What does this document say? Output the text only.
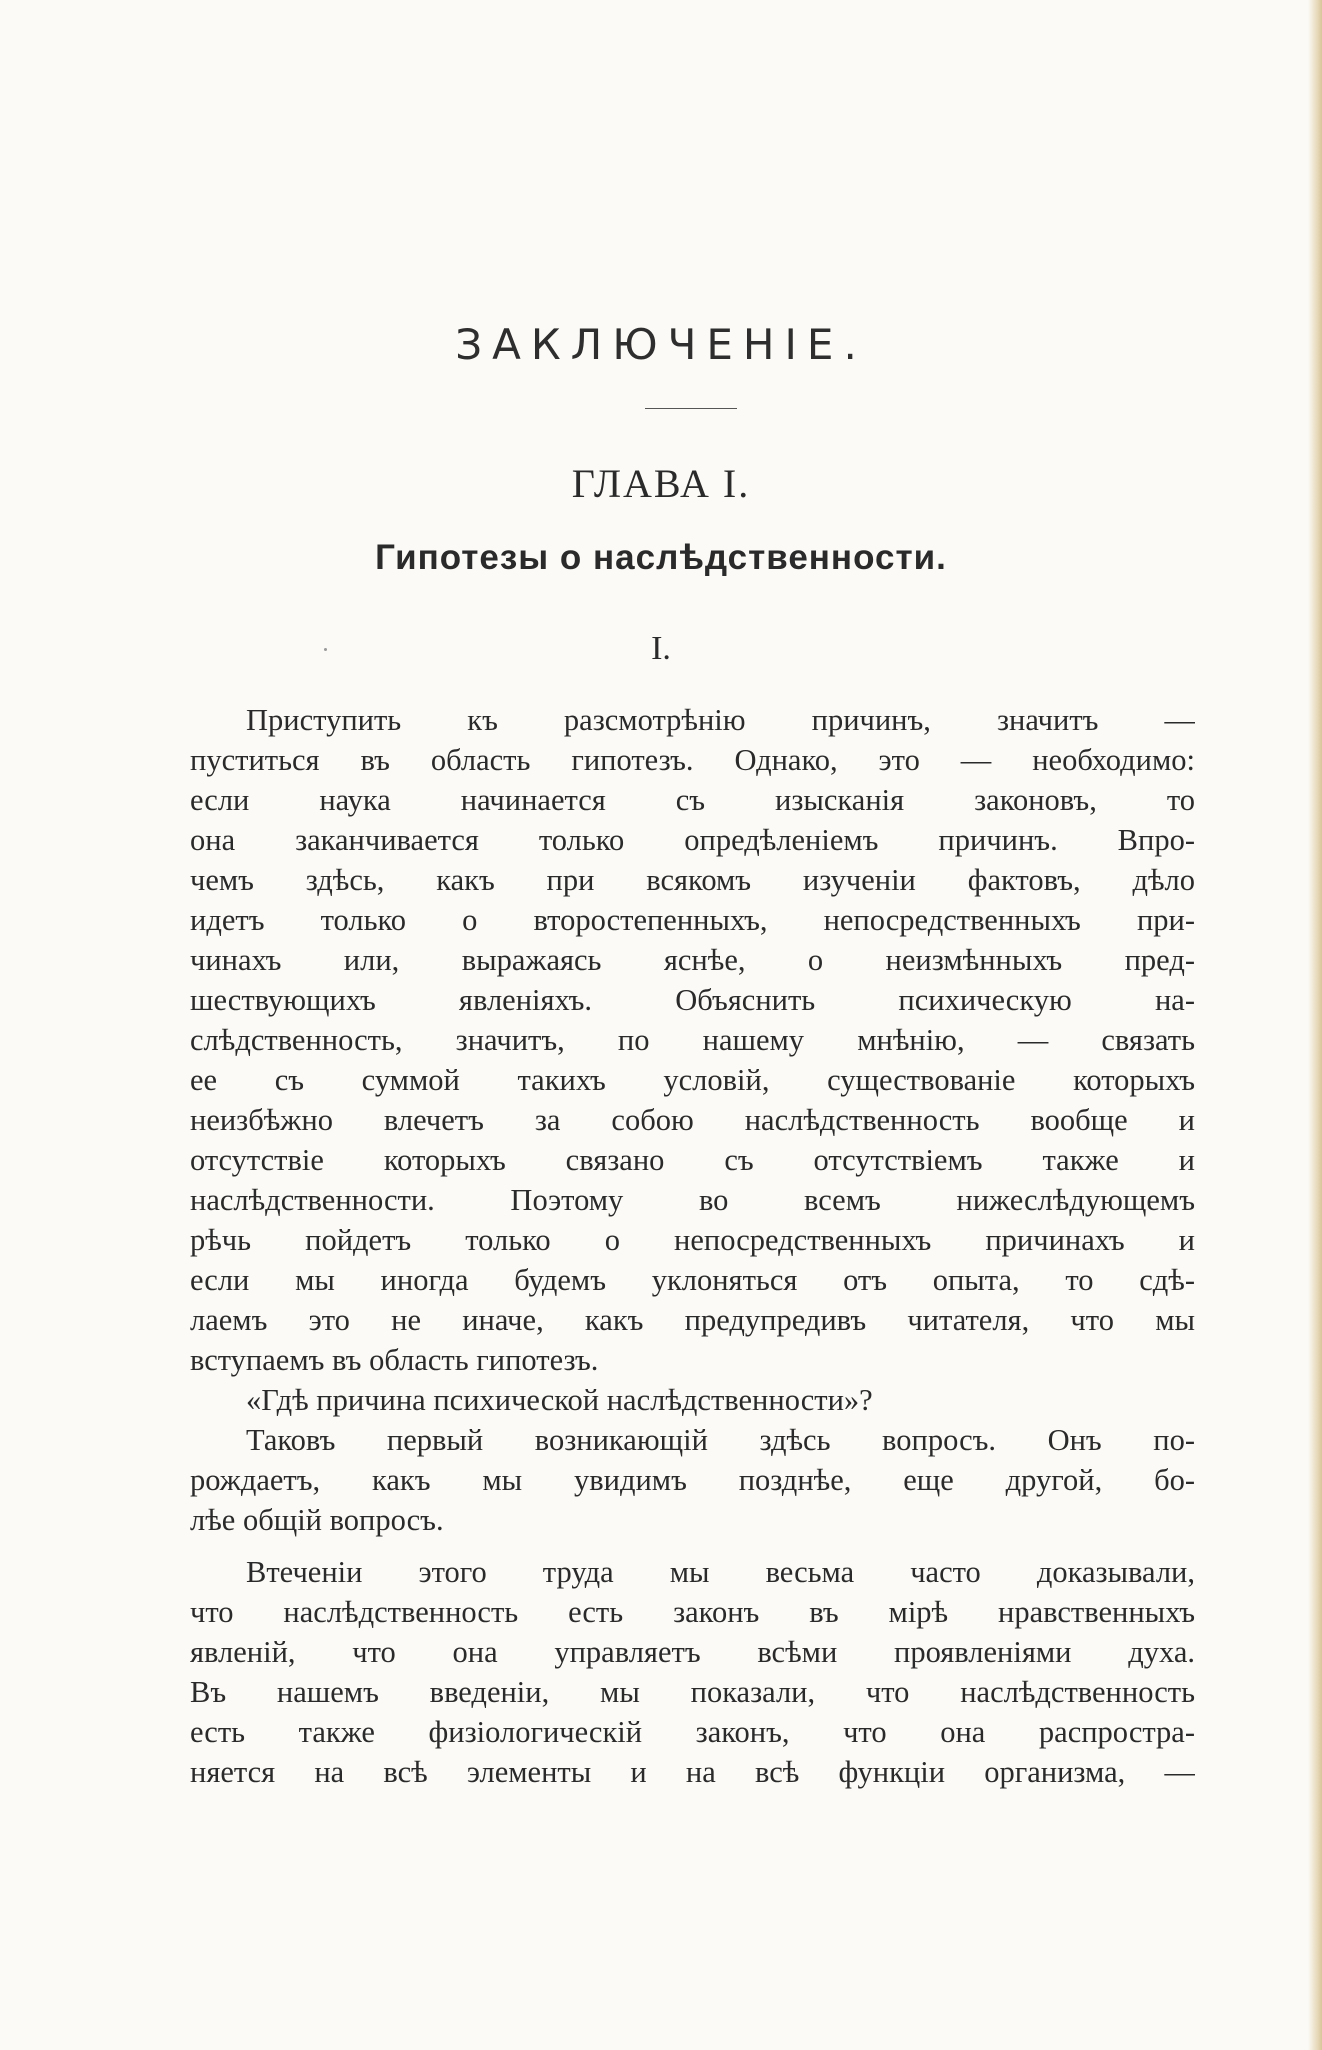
ЗАКЛЮЧЕНІЕ.
ГЛАВА I.
Гипотезы о наслѣдственности.
I.
Приступить къ разсмотрѣнію причинъ, значитъ —
пуститься въ область гипотезъ. Однако, это — необходимо:
если наука начинается съ изысканія законовъ, то
она заканчивается только опредѣленіемъ причинъ. Впро-
чемъ здѣсь, какъ при всякомъ изученіи фактовъ, дѣло
идетъ только о второстепенныхъ, непосредственныхъ при-
чинахъ или, выражаясь яснѣе, о неизмѣнныхъ пред-
шествующихъ явленіяхъ. Объяснить психическую на-
слѣдственность, значитъ, по нашему мнѣнію, — связать
ее съ суммой такихъ условій, существованіе которыхъ
неизбѣжно влечетъ за собою наслѣдственность вообще и
отсутствіе которыхъ связано съ отсутствіемъ также и
наслѣдственности. Поэтому во всемъ нижеслѣдующемъ
рѣчь пойдетъ только о непосредственныхъ причинахъ и
если мы иногда будемъ уклоняться отъ опыта, то сдѣ-
лаемъ это не иначе, какъ предупредивъ читателя, что мы
вступаемъ въ область гипотезъ.
«Гдѣ причина психической наслѣдственности»?
Таковъ первый возникающій здѣсь вопросъ. Онъ по-
рождаетъ, какъ мы увидимъ позднѣе, еще другой, бо-
лѣе общій вопросъ.
Втеченіи этого труда мы весьма часто доказывали,
что наслѣдственность есть законъ въ мірѣ нравственныхъ
явленій, что она управляетъ всѣми проявленіями духа.
Въ нашемъ введеніи, мы показали, что наслѣдственность
есть также физіологическій законъ, что она распростра-
няется на всѣ элементы и на всѣ функціи организма, —
